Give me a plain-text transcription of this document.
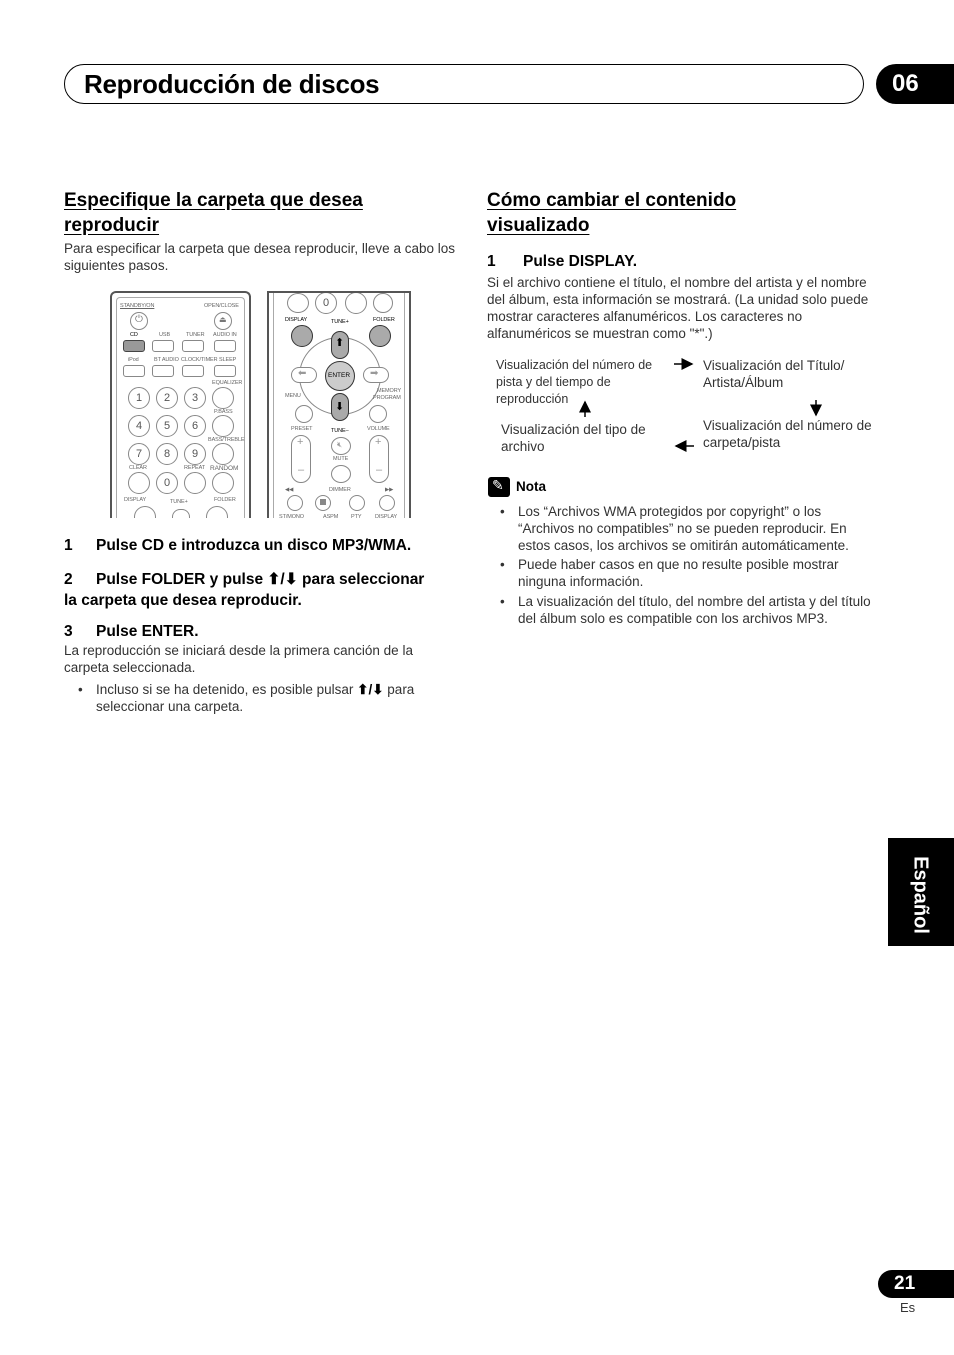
Reproducción de discos	06
Especifique la carpeta que desea
reproducir
Para especificar la carpeta que desea reproducir, lleve a cabo los siguientes pasos.
STANDBY/ON	OPEN/CLOSE
⏻	⏏
CD	USB	TUNER AUDIO IN
iPod	BT AUDIO CLOCK/TIMER SLEEP
EQUALIZER
1	2	3
P.BASS
4	5	6
BASS/TREBLE
7	8	9
CLEAR	REPEAT RANDOM
0
DISPLAY	TUNE+	FOLDER
0
DISPLAY	TUNE+	FOLDER
⬆
⬇
⬅	➡
ENTER
MENU
MEMORY
PROGRAM
PRESET	TUNE–	VOLUME
+
–
🔇︎
MUTE
+
–
◀◀	DIMMER	▶▶
ST/MONO	ASPM PTY DISPLAY
1 Pulse CD e introduzca un disco MP3/WMA.
2 Pulse FOLDER y pulse ⬆/⬇ para seleccionar
la carpeta que desea reproducir.
3 Pulse ENTER.
La reproducción se iniciará desde la primera canción de la carpeta seleccionada.
• Incluso si se ha detenido, es posible pulsar ⬆/⬇ para seleccionar una carpeta.
Cómo cambiar el contenido
visualizado
1 Pulse DISPLAY.
Si el archivo contiene el título, el nombre del artista y el nombre del álbum, esta información se mostrará. (La unidad solo puede mostrar caracteres alfanuméricos. Los caracteres no alfanuméricos se muestran como "*".)
Visualización del número de pista y del tiempo de reproducción
Visualización del Título/ Artista/Álbum
Visualización del número de carpeta/pista
Visualización del tipo de archivo
✎ Nota
• Los “Archivos WMA protegidos por copyright” o los “Archivos no compatibles” no se pueden reproducir. En estos casos, los archivos se omitirán automáticamente.
• Puede haber casos en que no resulte posible mostrar ninguna información.
• La visualización del título, del nombre del artista y del título del álbum solo es compatible con los archivos MP3.
Español
21
Es
